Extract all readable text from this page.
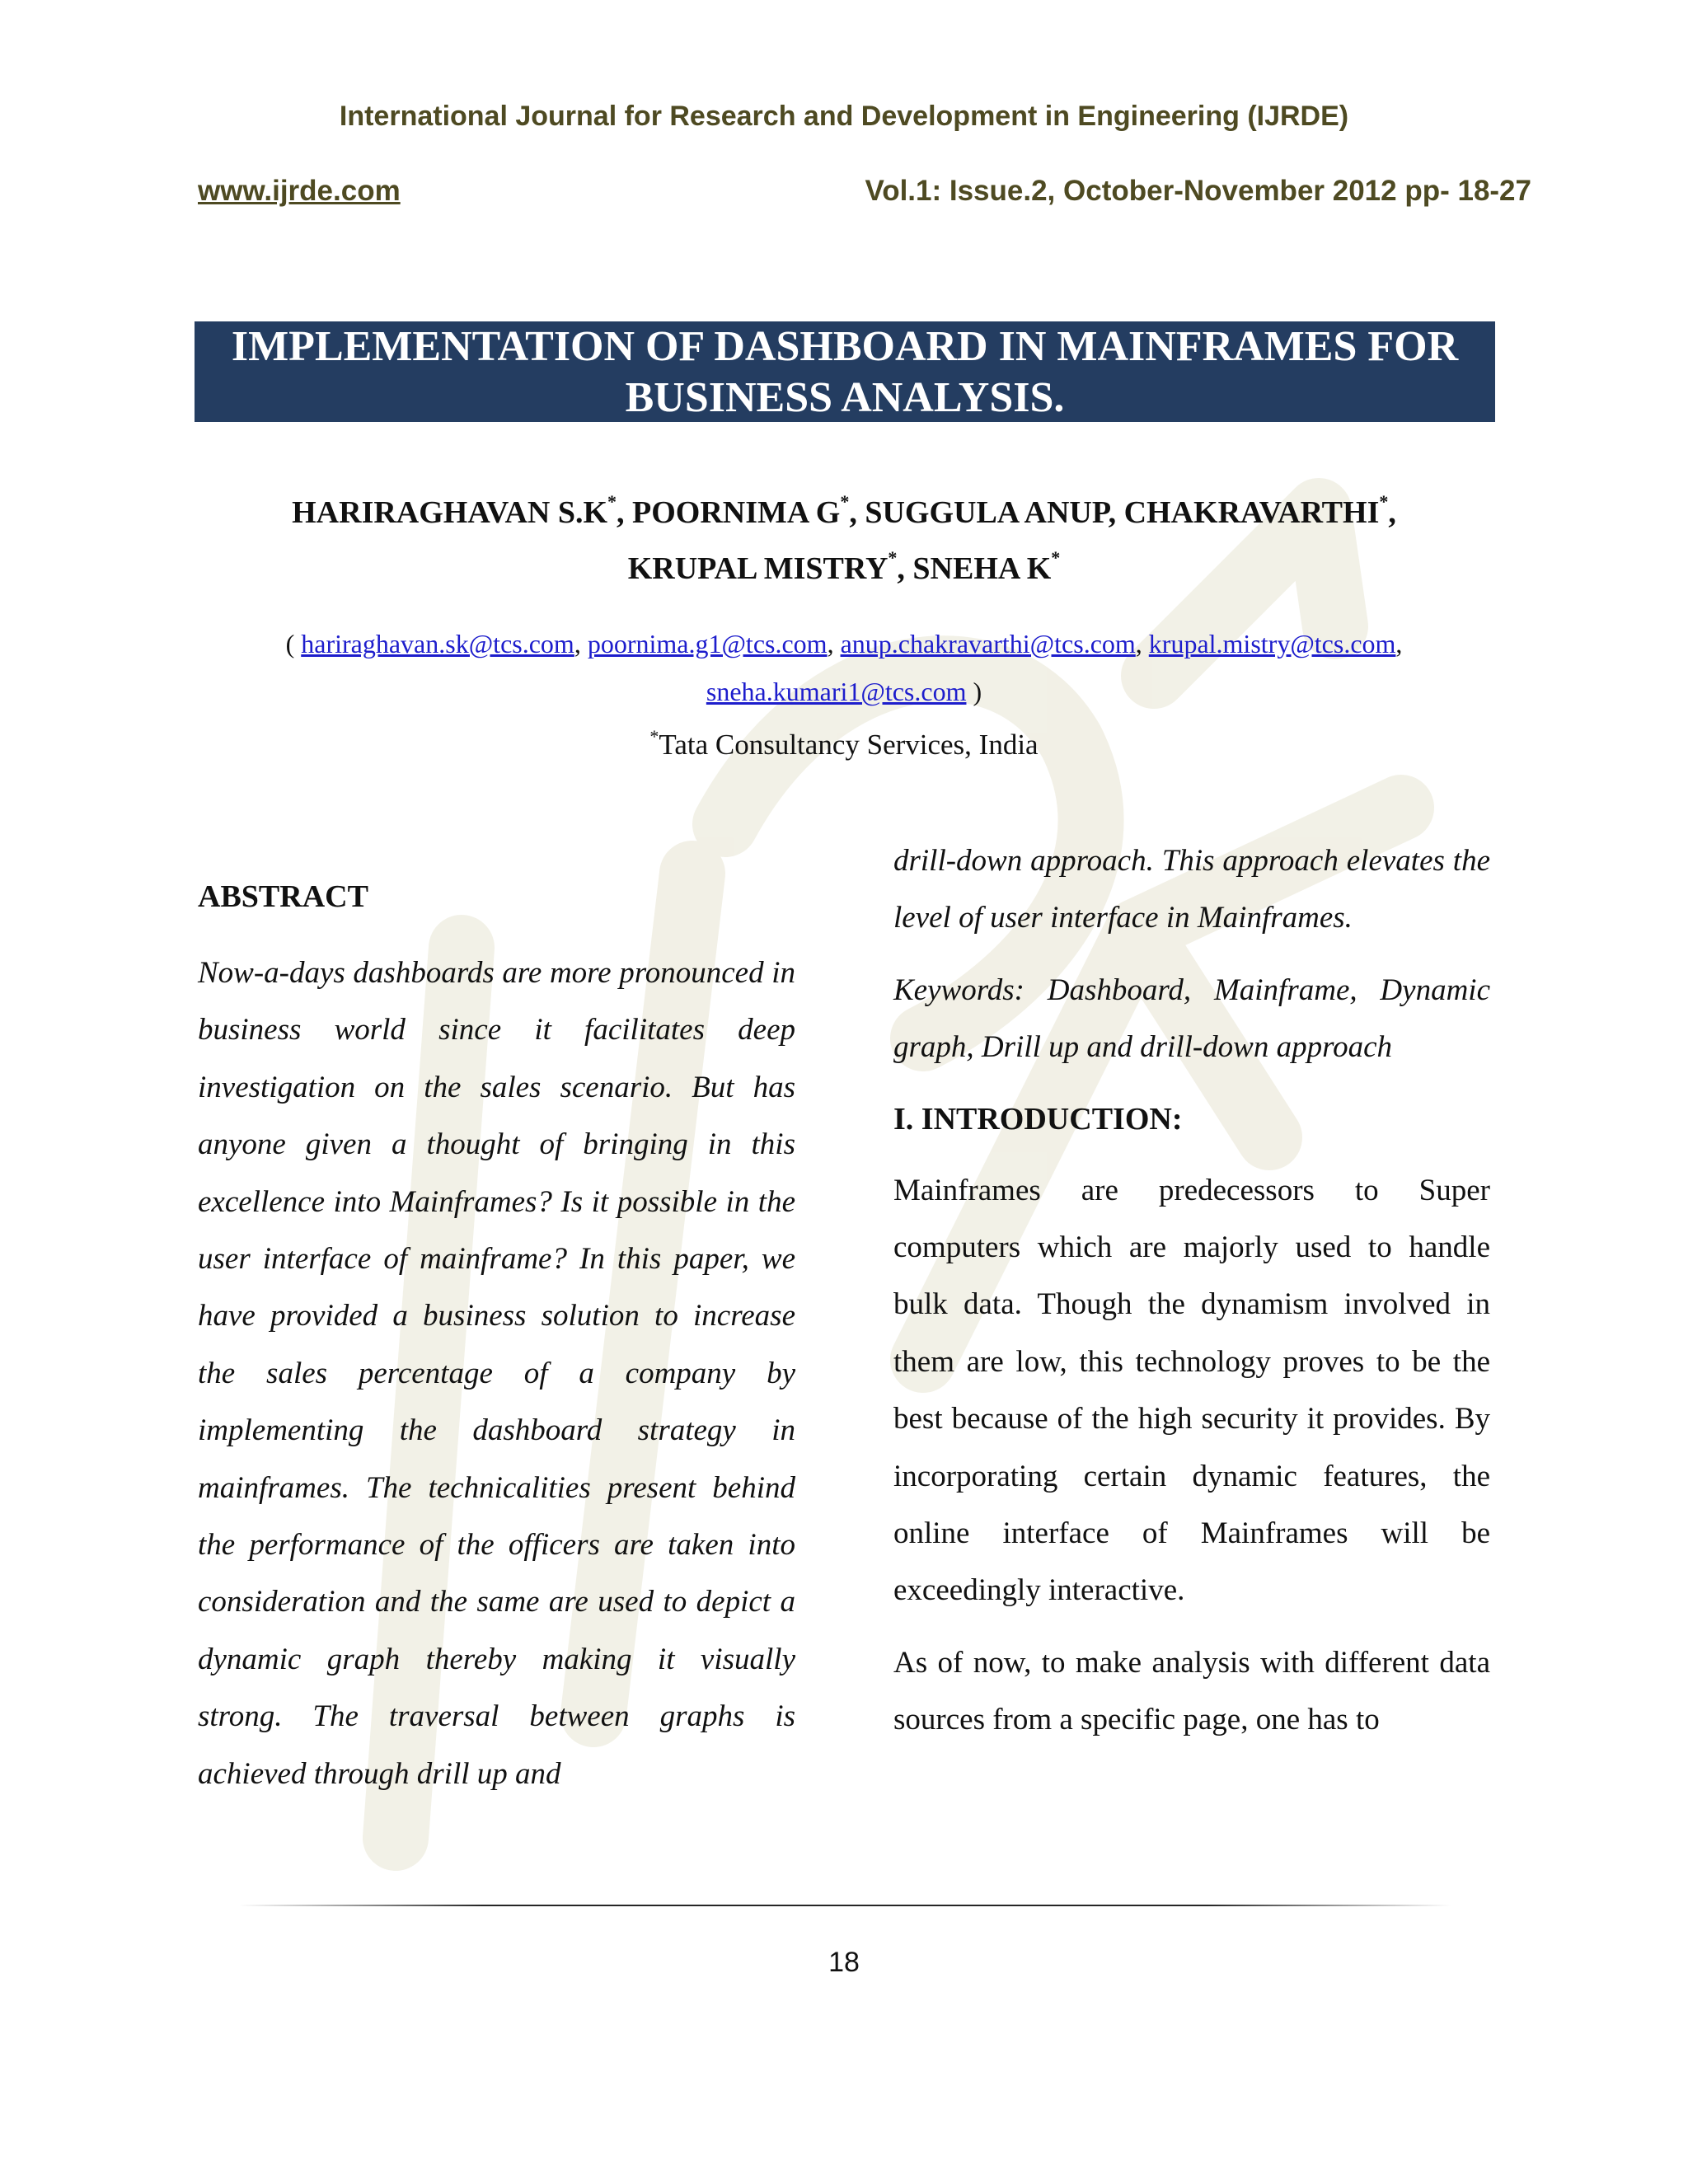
International Journal for Research and Development in Engineering (IJRDE)
www.ijrde.com	Vol.1: Issue.2, October-November 2012 pp- 18-27
IMPLEMENTATION OF DASHBOARD IN MAINFRAMES FOR
BUSINESS ANALYSIS.
HARIRAGHAVAN S.K*, POORNIMA G*, SUGGULA ANUP, CHAKRAVARTHI*,
KRUPAL MISTRY*, SNEHA K*
( hariraghavan.sk@tcs.com, poornima.g1@tcs.com, anup.chakravarthi@tcs.com, krupal.mistry@tcs.com,
sneha.kumari1@tcs.com )
*Tata Consultancy Services, India
ABSTRACT

Now-a-days dashboards are more pronounced in business world since it facilitates deep investigation on the sales scenario. But has anyone given a thought of bringing in this excellence into Mainframes? Is it possible in the user interface of mainframe? In this paper, we have provided a business solution to increase the sales percentage of a company by implementing the dashboard strategy in mainframes. The technicalities present behind the performance of the officers are taken into consideration and the same are used to depict a dynamic graph thereby making it visually strong. The traversal between graphs is achieved through drill up and

drill-down approach. This approach elevates the level of user interface in Mainframes.

Keywords: Dashboard, Mainframe, Dynamic graph, Drill up and drill-down approach

I. INTRODUCTION:

Mainframes are predecessors to Super computers which are majorly used to handle bulk data. Though the dynamism involved in them are low, this technology proves to be the best because of the high security it provides. By incorporating certain dynamic features, the online interface of Mainframes will be exceedingly interactive.

As of now, to make analysis with different data sources from a specific page, one has to

18
